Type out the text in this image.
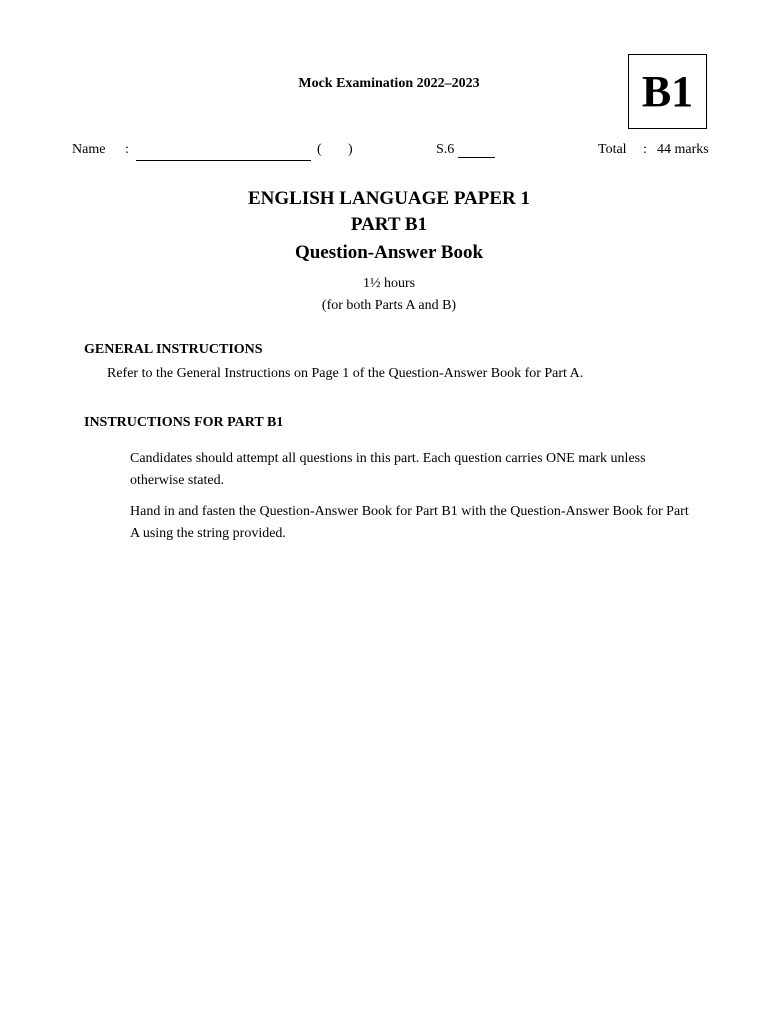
Mock Examination 2022–2023	B1
Name :	( )	S.6	Total : 44 marks
ENGLISH LANGUAGE PAPER 1
PART B1
Question-Answer Book
1½ hours
(for both Parts A and B)
GENERAL INSTRUCTIONS
Refer to the General Instructions on Page 1 of the Question-Answer Book for Part A.
INSTRUCTIONS FOR PART B1
Candidates should attempt all questions in this part. Each question carries ONE mark unless otherwise stated.
Hand in and fasten the Question-Answer Book for Part B1 with the Question-Answer Book for Part A using the string provided.
